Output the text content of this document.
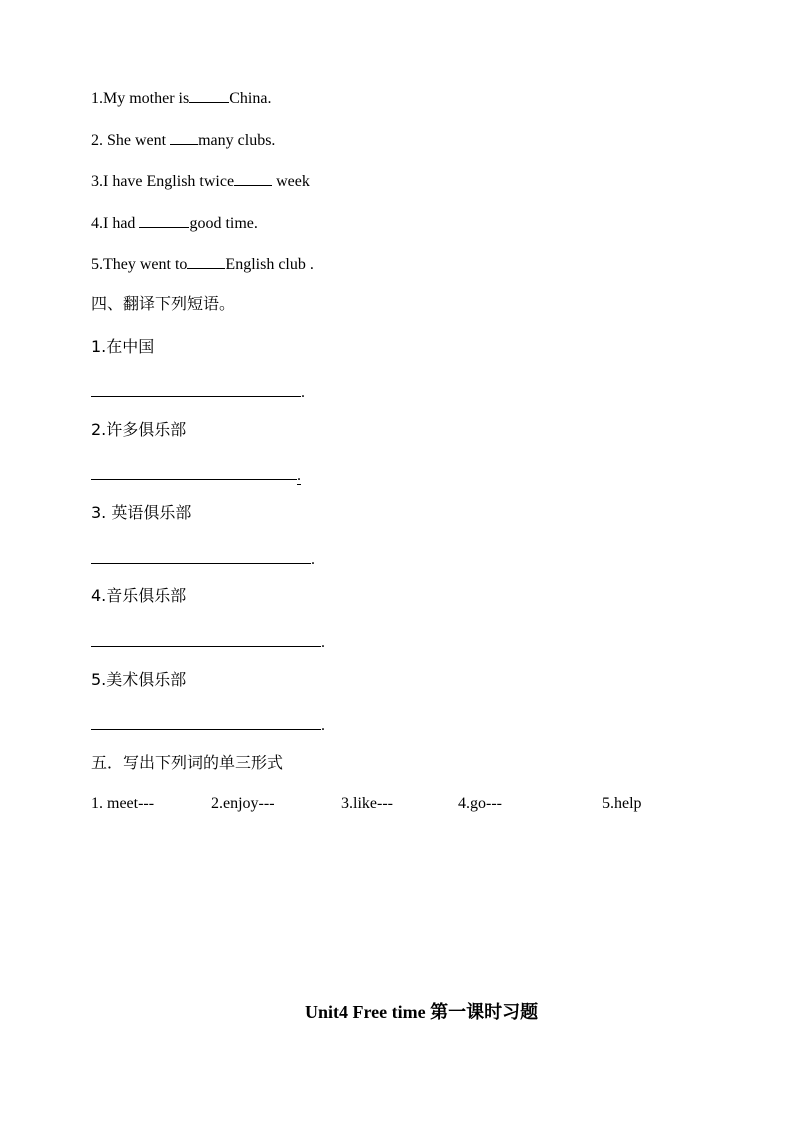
1.My mother is	China.
2. She went many clubs.
3.I have English twice week
4.I had	good time.
5.They went to English club .
四、翻译下列短语。
1.在中国
.
2.许多俱乐部
.
3. 英语俱乐部
.
4.音乐俱乐部
.
5.美术俱乐部
.
五．写出下列词的单三形式
1. meet---	2.enjoy---	3.like---	4.go---	5.help
Unit4 Free time 第一课时习题
